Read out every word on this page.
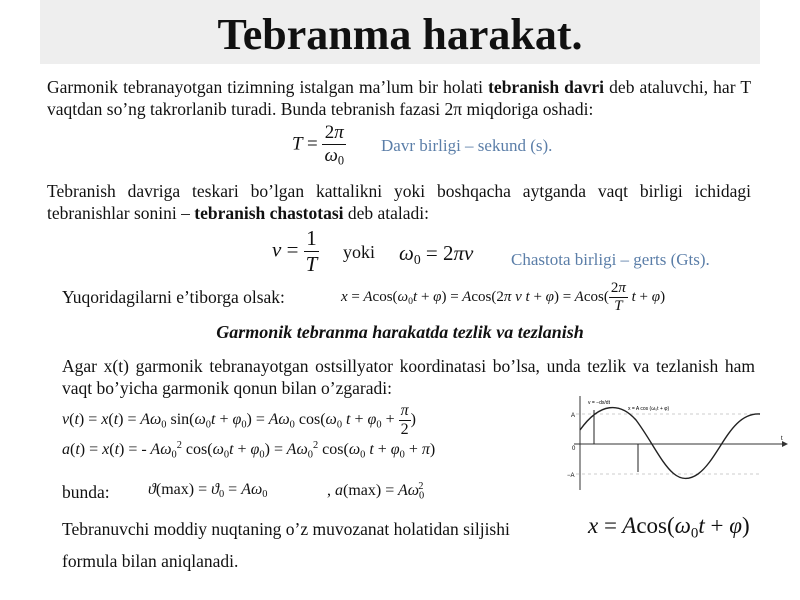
Tebranma harakat.
Garmonik tebranayotgan tizimning istalgan ma’lum bir holati tebranish davri deb ataluvchi, har T vaqtdan so’ng takrorlanib turadi. Bunda tebranish fazasi 2π miqdoriga oshadi:
$T = \frac{2\pi}{\omega_0}$ Davr birligi – sekund (s).
Tebranish davriga teskari bo’lgan kattalikni yoki boshqacha aytganda vaqt birligi ichidagi tebranishlar sonini – tebranish chastotasi deb ataladi:
$\nu = \frac{1}{T}$ yoki $\omega_0 = 2\pi\nu$ Chastota birligi – gerts (Gts).
Yuqoridagilarni e’tiborga olsak:	$x = Acos(\omega_0t + \varphi) = Acos(2\pi$ ν $t + \varphi) = Acos( \frac{2\pi}{T}$ t + φ)
Garmonik tebranma harakatda tezlik va tezlanish
Agar x(t) garmonik tebranayotgan ostsillyator koordinatasi bo’lsa, unda tezlik va tezlanish ham vaqt bo’yicha garmonik qonun bilan o’zgaradi:
$v(t) = x(t) = A\omega_0$ $\sin(\omega_0t + \varphi_0) = A\omega_0$ $\cos(\omega_0$ $t + \varphi_0 + \frac{\pi}{2}$ )
a(t) = x(t) = - $A\omega_0^2$ $\cos(\omega_0t + \varphi_0) = A\omega_0^2$ $\cos(\omega_0$ $t + \varphi_0 + \pi$)
bunda: $ϑ(\max) = ϑ_0 = A\omega_0$	, $a(\max) = A\omega_0^2$
Tebranuvchi moddiy nuqtaning o’z muvozanat holatidan siljishi	$x = Acos(\omega_0t + \varphi)$
formula bilan aniqlanadi.
v = −dx/dt
x = A cos (ω₀t + φ)
t
A
0
−A
